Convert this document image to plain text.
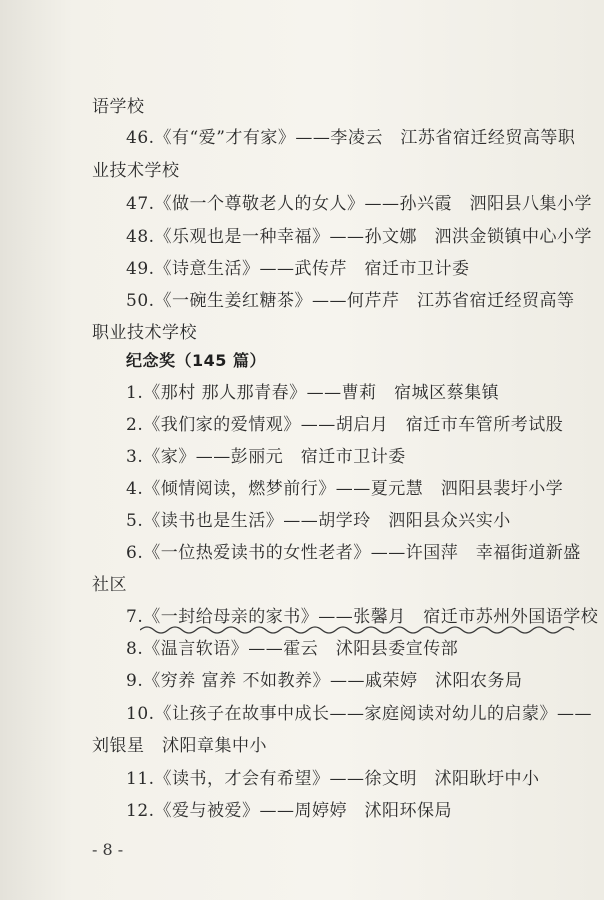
语学校
46.《有“爱”才有家》——李凌云　江苏省宿迁经贸高等职
业技术学校
47.《做一个尊敬老人的女人》——孙兴霞　泗阳县八集小学
48.《乐观也是一种幸福》——孙文娜　泗洪金锁镇中心小学
49.《诗意生活》——武传芹　宿迁市卫计委
50.《一碗生姜红糖茶》——何芹芹　江苏省宿迁经贸高等
职业技术学校
纪念奖（145 篇）
1.《那村 那人那青春》——曹莉　宿城区蔡集镇
2.《我们家的爱情观》——胡启月　宿迁市车管所考试股
3.《家》——彭丽元　宿迁市卫计委
4.《倾情阅读，燃梦前行》——夏元慧　泗阳县裴圩小学
5.《读书也是生活》——胡学玲　泗阳县众兴实小
6.《一位热爱读书的女性老者》——许国萍　幸福街道新盛
社区
7.《一封给母亲的家书》——张馨月　宿迁市苏州外国语学校
8.《温言软语》——霍云　沭阳县委宣传部
9.《穷养 富养 不如教养》——戚荣婷　沭阳农务局
10.《让孩子在故事中成长——家庭阅读对幼儿的启蒙》——
刘银星　沭阳章集中小
11.《读书，才会有希望》——徐文明　沭阳耿圩中小
12.《爱与被爱》——周婷婷　沭阳环保局
- 8 -
